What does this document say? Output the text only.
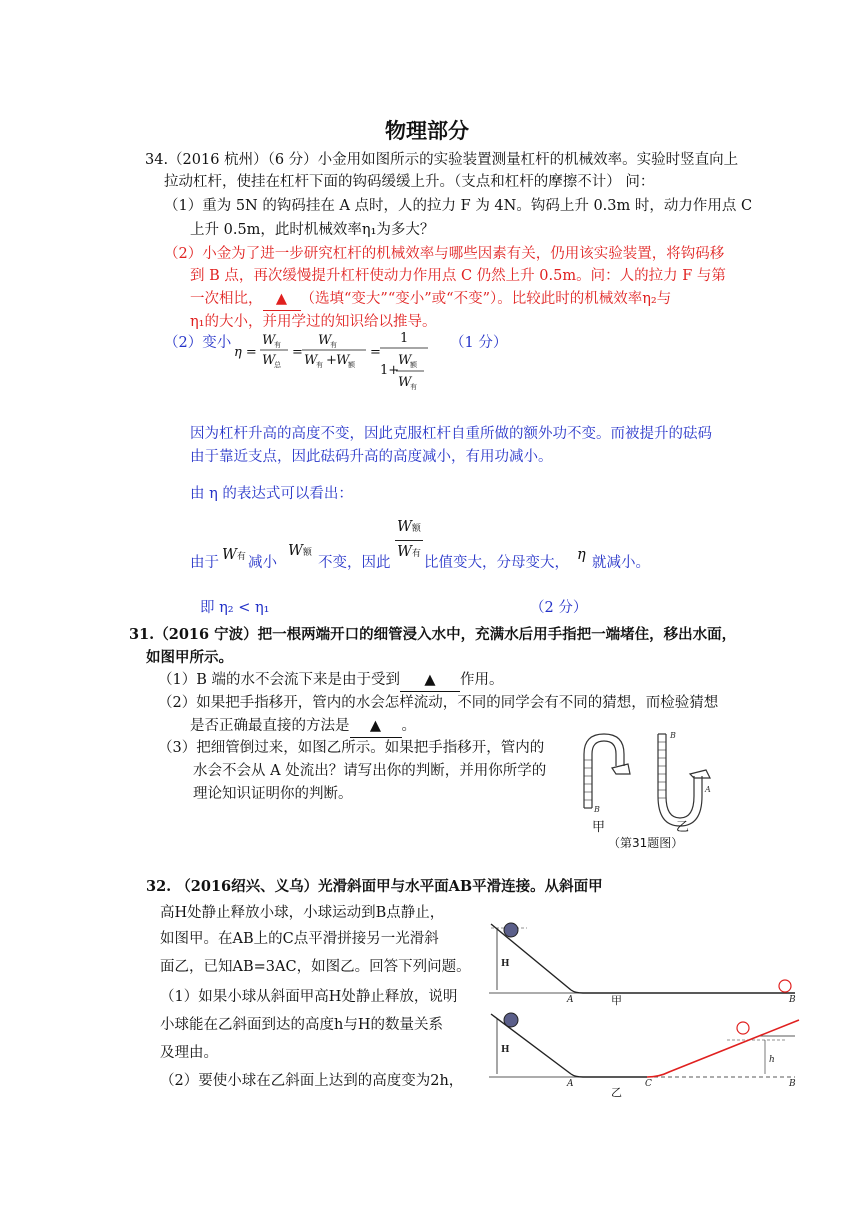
物理部分
34.（2016 杭州）（6 分）小金用如图所示的实验装置测量杠杆的机械效率。实验时竖直向上
拉动杠杆，使挂在杠杆下面的钩码缓缓上升。（支点和杠杆的摩擦不计） 问：
（1）重为 5N 的钩码挂在 A 点时，人的拉力 F 为 4N。钩码上升 0.3m 时，动力作用点 C
上升 0.5m，此时机械效率η₁为多大？
（2）小金为了进一步研究杠杆的机械效率与哪些因素有关，仍用该实验装置，将钩码移
到 B 点，再次缓慢提升杠杆使动力作用点 C 仍然上升 0.5m。问：人的拉力 F 与第
一次相比， ▲ （选填“变大”“变小”或“不变”）。比较此时的机械效率η₂与
η₁的大小，并用学过的知识给以推导。
（2）变小
η =
W
有
W
总
=
W
有
W
有 + W
额
=
1
1+
W
额
W
有
（1 分）
因为杠杆升高的高度不变，因此克服杠杆自重所做的额外功不变。而被提升的砝码
由于靠近支点，因此砝码升高的高度减小，有用功减小。
由 η 的表达式可以看出：
由于 W有 减小
W额
不变，因此 $\frac{\text{W额}}{\text{W有}}$ 比值变大，分母变大， η 就减小。
即 η₂ < η₁	（2 分）
31.（2016 宁波）把一根两端开口的细管浸入水中，充满水后用手指把一端堵住，移出水面，
如图甲所示。
（1）B 端的水不会流下来是由于受到 ▲ 作用。
（2）如果把手指移开，管内的水会怎样流动，不同的同学会有不同的猜想，而检验猜想
是否正确最直接的方法是 ▲ 。
（3）把细管倒过来，如图乙所示。如果把手指移开，管内的
水会不会从 A 处流出？请写出你的判断，并用你所学的
理论知识证明你的判断。
B
B
A
甲	乙
（第31题图）
32. （2016绍兴、义乌）光滑斜面甲与水平面AB平滑连接。从斜面甲
高H处静止释放小球，小球运动到B点静止，
如图甲。在AB上的C点平滑拼接另一光滑斜
面乙，已知AB=3AC，如图乙。回答下列问题。
（1）如果小球从斜面甲高H处静止释放，说明
小球能在乙斜面到达的高度h与H的数量关系
及理由。
（2）要使小球在乙斜面上达到的高度变为2h，
H
H
h
A	B
A	C	B
甲
乙
